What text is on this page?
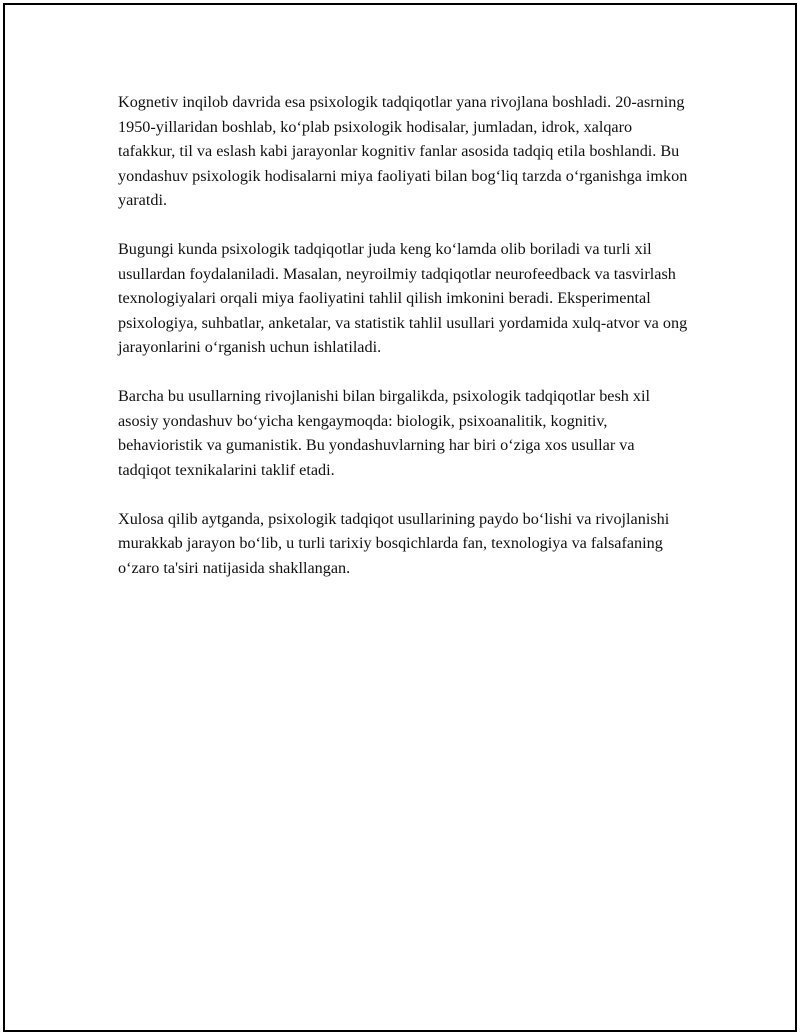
Kognetiv inqilob davrida esa psixologik tadqiqotlar yana rivojlana boshladi. 20-asrning 1950-yillaridan boshlab, ko‘plab psixologik hodisalar, jumladan, idrok, xalqaro tafakkur, til va eslash kabi jarayonlar kognitiv fanlar asosida tadqiq etila boshlandi. Bu yondashuv psixologik hodisalarni miya faoliyati bilan bog‘liq tarzda o‘rganishga imkon yaratdi.

Bugungi kunda psixologik tadqiqotlar juda keng ko‘lamda olib boriladi va turli xil usullardan foydalaniladi. Masalan, neyroilmiy tadqiqotlar neurofeedback va tasvirlash texnologiyalari orqali miya faoliyatini tahlil qilish imkonini beradi. Eksperimental psixologiya, suhbatlar, anketalar, va statistik tahlil usullari yordamida xulq-atvor va ong jarayonlarini o‘rganish uchun ishlatiladi.

Barcha bu usullarning rivojlanishi bilan birgalikda, psixologik tadqiqotlar besh xil asosiy yondashuv bo‘yicha kengaymoqda: biologik, psixoanalitik, kognitiv, behavioristik va gumanistik. Bu yondashuvlarning har biri o‘ziga xos usullar va tadqiqot texnikalarini taklif etadi.

Xulosa qilib aytganda, psixologik tadqiqot usullarining paydo bo‘lishi va rivojlanishi murakkab jarayon bo‘lib, u turli tarixiy bosqichlarda fan, texnologiya va falsafaning o‘zaro ta'siri natijasida shakllangan.
